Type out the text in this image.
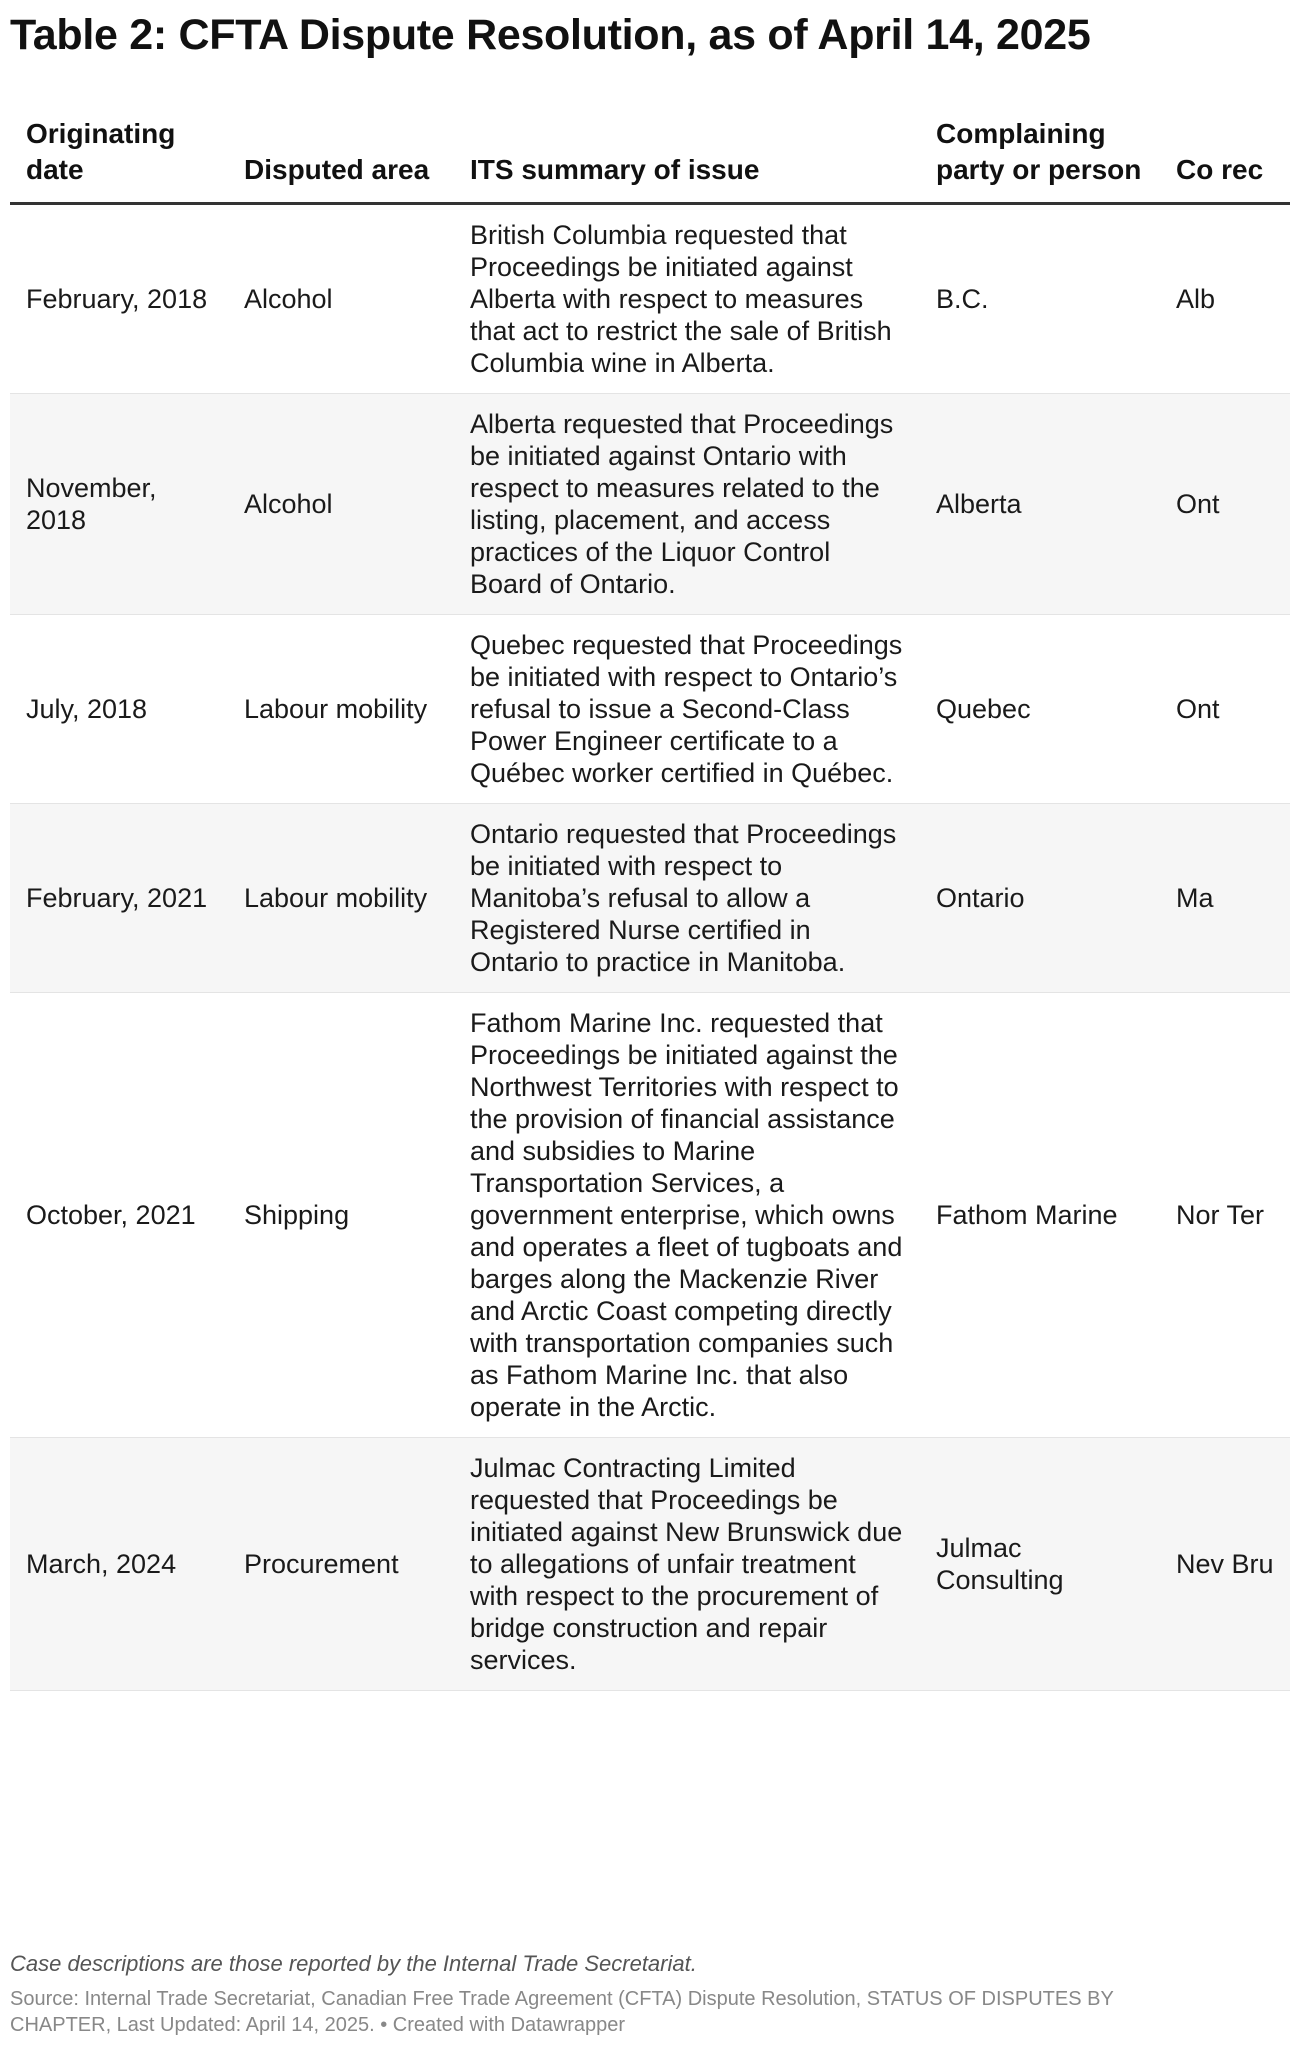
Table 2: CFTA Dispute Resolution, as of April 14, 2025
Originating date	Disputed area	ITS summary of issue	Complaining party or person	Co rec
February, 2018	Alcohol	British Columbia requested that Proceedings be initiated against Alberta with respect to measures that act to restrict the sale of British Columbia wine in Alberta.	B.C.	Alb
November, 2018	Alcohol	Alberta requested that Proceedings be initiated against Ontario with respect to measures related to the listing, placement, and access practices of the Liquor Control Board of Ontario.	Alberta	Ont
July, 2018	Labour mobility	Quebec requested that Proceedings be initiated with respect to Ontario’s refusal to issue a Second-Class Power Engineer certificate to a Québec worker certified in Québec.	Quebec	Ont
February, 2021	Labour mobility	Ontario requested that Proceedings be initiated with respect to Manitoba’s refusal to allow a Registered Nurse certified in Ontario to practice in Manitoba.	Ontario	Ma
October, 2021	Shipping	Fathom Marine Inc. requested that Proceedings be initiated against the Northwest Territories with respect to the provision of financial assistance and subsidies to Marine Transportation Services, a government enterprise, which owns and operates a fleet of tugboats and barges along the Mackenzie River and Arctic Coast competing directly with transportation companies such as Fathom Marine Inc. that also operate in the Arctic.	Fathom Marine	Nor Ter
March, 2024	Procurement	Julmac Contracting Limited requested that Proceedings be initiated against New Brunswick due to allegations of unfair treatment with respect to the procurement of bridge construction and repair services.	Julmac Consulting	Nev Bru

Case descriptions are those reported by the Internal Trade Secretariat.

Source: Internal Trade Secretariat, Canadian Free Trade Agreement (CFTA) Dispute Resolution, STATUS OF DISPUTES BY CHAPTER, Last Updated: April 14, 2025. • Created with Datawrapper
